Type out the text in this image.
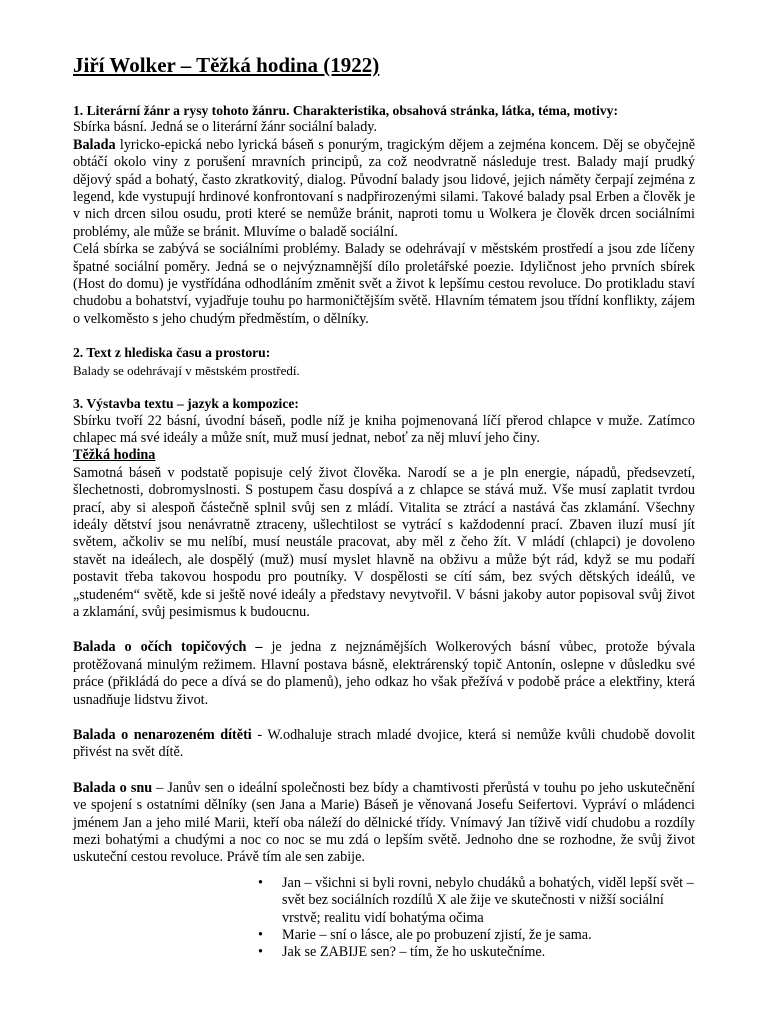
Jiří Wolker – Těžká hodina (1922)

1. Literární žánr a rysy tohoto žánru. Charakteristika, obsahová stránka, látka, téma, motivy:

Sbírka básní. Jedná se o literární žánr sociální balady.

Balada lyricko-epická nebo lyrická báseň s ponurým, tragickým dějem a zejména koncem. Děj se obyčejně obtáčí okolo viny z porušení mravních principů, za což neodvratně následuje trest. Balady mají prudký dějový spád a bohatý, často zkratkovitý, dialog. Původní balady jsou lidové, jejich náměty čerpají zejména z legend, kde vystupují hrdinové konfrontovaní s nadpřirozenými silami. Takové balady psal Erben a člověk je v nich drcen silou osudu, proti které se nemůže bránit, naproti tomu u Wolkera je člověk drcen sociálními problémy, ale může se bránit. Mluvíme o baladě sociální.

Celá sbírka se zabývá se sociálními problémy. Balady se odehrávají v městském prostředí a jsou zde líčeny špatné sociální poměry. Jedná se o nejvýznamnější dílo proletářské poezie. Idyličnost jeho prvních sbírek (Host do domu) je vystřídána odhodláním změnit svět a život k lepšímu cestou revoluce. Do protikladu staví chudobu a bohatství, vyjadřuje touhu po harmoničtějším světě. Hlavním tématem jsou třídní konflikty, zájem o velkoměsto s jeho chudým předměstím, o dělníky.

2. Text z hlediska času a prostoru:

Balady se odehrávají v městském prostředí.

3. Výstavba textu – jazyk a kompozice:

Sbírku tvoří 22 básní, úvodní báseň, podle níž je kniha pojmenovaná líčí přerod chlapce v muže. Zatímco chlapec má své ideály a může snít, muž musí jednat, neboť za něj mluví jeho činy.

Těžká hodina

Samotná báseň v podstatě popisuje celý život člověka. Narodí se a je pln energie, nápadů, předsevzetí, šlechetnosti, dobromyslnosti. S postupem času dospívá a z chlapce se stává muž. Vše musí zaplatit tvrdou prací, aby si alespoň částečně splnil svůj sen z mládí. Vitalita se ztrácí a nastává čas zklamání. Všechny ideály dětství jsou nenávratně ztraceny, ušlechtilost se vytrácí s každodenní prací. Zbaven iluzí musí jít světem, ačkoliv se mu nelíbí, musí neustále pracovat, aby měl z čeho žít. V mládí (chlapci) je dovoleno stavět na ideálech, ale dospělý (muž) musí myslet hlavně na obživu a může být rád, když se mu podaří postavit třeba takovou hospodu pro poutníky. V dospělosti se cítí sám, bez svých dětských ideálů, ve „studeném“ světě, kde si ještě nové ideály a představy nevytvořil. V básni jakoby autor popisoval svůj život a zklamání, svůj pesimismus k budoucnu.

Balada o očích topičových – je jedna z nejznámějších Wolkerových básní vůbec, protože bývala protěžovaná minulým režimem. Hlavní postava básně, elektrárenský topič Antonín, oslepne v důsledku své práce (přikládá do pece a dívá se do plamenů), jeho odkaz ho však přežívá v podobě práce a elektřiny, která usnadňuje lidstvu život.

Balada o nenarozeném dítěti - W.odhaluje strach mladé dvojice, která si nemůže kvůli chudobě dovolit přivést na svět dítě.

Balada o snu – Janův sen o ideální společnosti bez bídy a chamtivosti přerůstá v touhu po jeho uskutečnění ve spojení s ostatními dělníky (sen Jana a Marie) Báseň je věnovaná Josefu Seifertovi. Vypráví o mládenci jménem Jan a jeho milé Marii, kteří oba náleží do dělnické třídy. Vnímavý Jan tíživě vidí chudobu a rozdíly mezi bohatými a chudými a noc co noc se mu zdá o lepším světě. Jednoho dne se rozhodne, že svůj život uskuteční cestou revoluce. Právě tím ale sen zabije.

• Jan – všichni si byli rovni, nebylo chudáků a bohatých, viděl lepší svět – svět bez sociálních rozdílů X ale žije ve skutečnosti v nižší sociální vrstvě; realitu vidí bohatýma očima
• Marie – sní o lásce, ale po probuzení zjistí, že je sama.
• Jak se ZABIJE sen? – tím, že ho uskutečníme.
